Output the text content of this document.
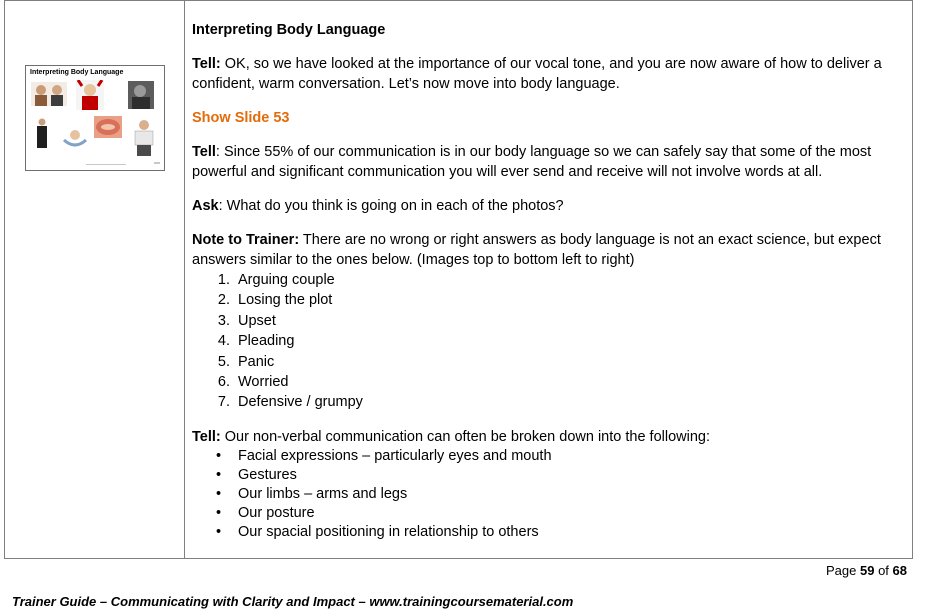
Interpreting Body Language

Interpreting Body Language

Tell: OK, so we have looked at the importance of our vocal tone, and you are now aware of how to deliver a confident, warm conversation. Let’s now move into body language.

Show Slide 53

Tell: Since 55% of our communication is in our body language so we can safely say that some of the most powerful and significant communication you will ever send and receive will not involve words at all.

Ask: What do you think is going on in each of the photos?

Note to Trainer: There are no wrong or right answers as body language is not an exact science, but expect answers similar to the ones below. (Images top to bottom left to right)

1. Arguing couple
2. Losing the plot
3. Upset
4. Pleading
5. Panic
6. Worried
7. Defensive / grumpy

Tell: Our non-verbal communication can often be broken down into the following:

• Facial expressions – particularly eyes and mouth
• Gestures
• Our limbs – arms and legs
• Our posture
• Our spacial positioning in relationship to others
Page 59 of 68
Trainer Guide – Communicating with Clarity and Impact – www.trainingcoursematerial.com
